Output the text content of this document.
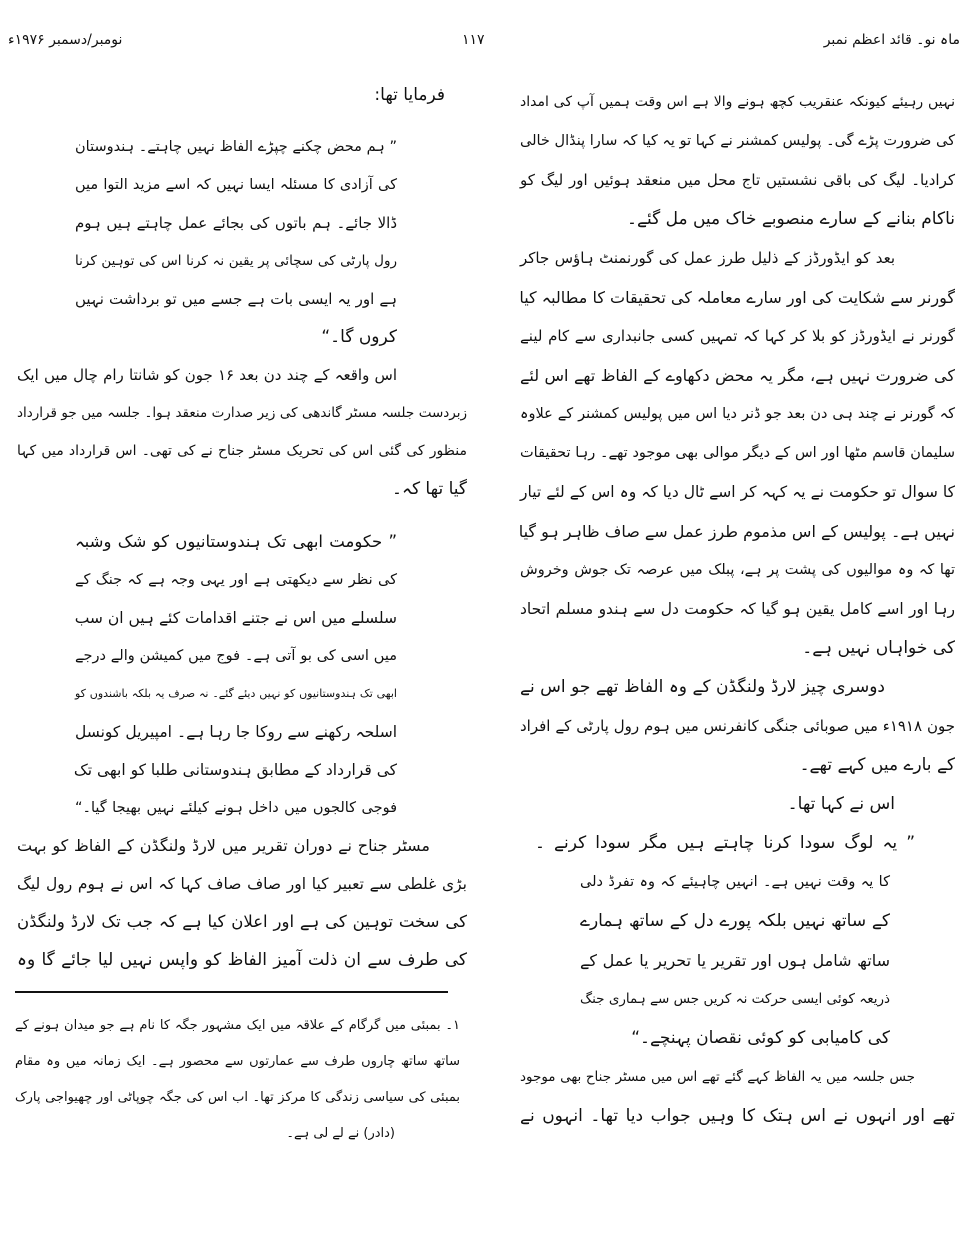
ماہ نو۔ قائد اعظم نمبر
۱۱۷
نومبر/دسمبر ۱۹۷۶ء
نہیں رہیئے کیونکہ عنقریب کچھ ہونے والا ہے اس وقت ہمیں آپ کی امداد
کی ضرورت پڑے گی۔ پولیس کمشنر نے کہا تو یہ کیا کہ سارا پنڈال خالی
کرادیا۔ لیگ کی باقی نشستیں تاج محل میں منعقد ہوئیں اور لیگ کو
ناکام بنانے کے سارے منصوبے خاک میں مل گئے۔
بعد کو ایڈورڈز کے ذلیل طرز عمل کی گورنمنٹ ہاؤس جاکر
گورنر سے شکایت کی اور سارے معاملہ کی تحقیقات کا مطالبہ کیا
گورنر نے ایڈورڈز کو بلا کر کہا کہ تمہیں کسی جانبداری سے کام لینے
کی ضرورت نہیں ہے، مگر یہ محض دکھاوے کے الفاظ تھے اس لئے
کہ گورنر نے چند ہی دن بعد جو ڈنر دیا اس میں پولیس کمشنر کے علاوہ
سلیمان قاسم مٹھا اور اس کے دیگر موالی بھی موجود تھے۔ رہا تحقیقات
کا سوال تو حکومت نے یہ کہہ کر اسے ٹال دیا کہ وہ اس کے لئے تیار
نہیں ہے۔ پولیس کے اس مذموم طرز عمل سے صاف ظاہر ہو گیا
تھا کہ وہ موالیوں کی پشت پر ہے، پبلک میں عرصہ تک جوش وخروش
رہا اور اسے کامل یقین ہو گیا کہ حکومت دل سے ہندو مسلم اتحاد
کی خواہاں نہیں ہے۔
دوسری چیز لارڈ ولنگڈن کے وہ الفاظ تھے جو اس نے
جون ۱۹۱۸ء میں صوبائی جنگی کانفرنس میں ہوم رول پارٹی کے افراد
کے بارے میں کہے تھے۔
اس نے کہا تھا۔
” یہ لوگ سودا کرنا چاہتے ہیں مگر سودا کرنے ۔
کا یہ وقت نہیں ہے۔ انہیں چاہیئے کہ وہ تفرڈ دلی
کے ساتھ نہیں بلکہ پورے دل کے ساتھ ہمارے
ساتھ شامل ہوں اور تقریر یا تحریر یا عمل کے
ذریعہ کوئی ایسی حرکت نہ کریں جس سے ہماری جنگ
کی کامیابی کو کوئی نقصان پہنچے۔“
جس جلسہ میں یہ الفاظ کہے گئے تھے اس میں مسٹر جناح بھی موجود
تھے اور انہوں نے اس ہتک کا وہیں جواب دیا تھا۔ انہوں نے
فرمایا تھا:
” ہم محض چکنے چپڑے الفاظ نہیں چاہتے۔ ہندوستان
کی آزادی کا مسئلہ ایسا نہیں کہ اسے مزید التوا میں
ڈالا جائے۔ ہم باتوں کی بجائے عمل چاہتے ہیں ہوم
رول پارٹی کی سچائی پر یقین نہ کرنا اس کی توہین کرنا
ہے اور یہ ایسی بات ہے جسے میں تو برداشت نہیں
کروں گا۔“
اس واقعہ کے چند دن بعد ۱۶ جون کو شانتا رام چال میں ایک
زبردست جلسہ مسٹر گاندھی کی زیر صدارت منعقد ہوا۔ جلسہ میں جو قرارداد
منظور کی گئی اس کی تحریک مسٹر جناح نے کی تھی۔ اس قرارداد میں کہا
گیا تھا کہ۔
” حکومت ابھی تک ہندوستانیوں کو شک وشبہ
کی نظر سے دیکھتی ہے اور یہی وجہ ہے کہ جنگ کے
سلسلے میں اس نے جتنے اقدامات کئے ہیں ان سب
میں اسی کی بو آتی ہے۔ فوج میں کمیشن والے درجے
ابھی تک ہندوستانیوں کو نہیں دیئے گئے۔ نہ صرف یہ بلکہ باشندوں کو
اسلحہ رکھنے سے روکا جا رہا ہے۔ امپیریل کونسل
کی قرارداد کے مطابق ہندوستانی طلبا کو ابھی تک
فوجی کالجوں میں داخل ہونے کیلئے نہیں بھیجا گیا۔“
مسٹر جناح نے دوران تقریر میں لارڈ ولنگڈن کے الفاظ کو بہت
بڑی غلطی سے تعبیر کیا اور صاف صاف کہا کہ اس نے ہوم رول لیگ
کی سخت توہین کی ہے اور اعلان کیا ہے کہ جب تک لارڈ ولنگڈن
کی طرف سے ان ذلت آمیز الفاظ کو واپس نہیں لیا جائے گا وہ
۱۔ بمبئی میں گرگام کے علاقہ میں ایک مشہور جگہ کا نام ہے جو میدان ہونے کے
ساتھ ساتھ چاروں طرف سے عمارتوں سے محصور ہے۔ ایک زمانہ میں وہ مقام
بمبئی کی سیاسی زندگی کا مرکز تھا۔ اب اس کی جگہ چوپاٹی اور چھیواجی پارک
(دادر) نے لے لی ہے۔
